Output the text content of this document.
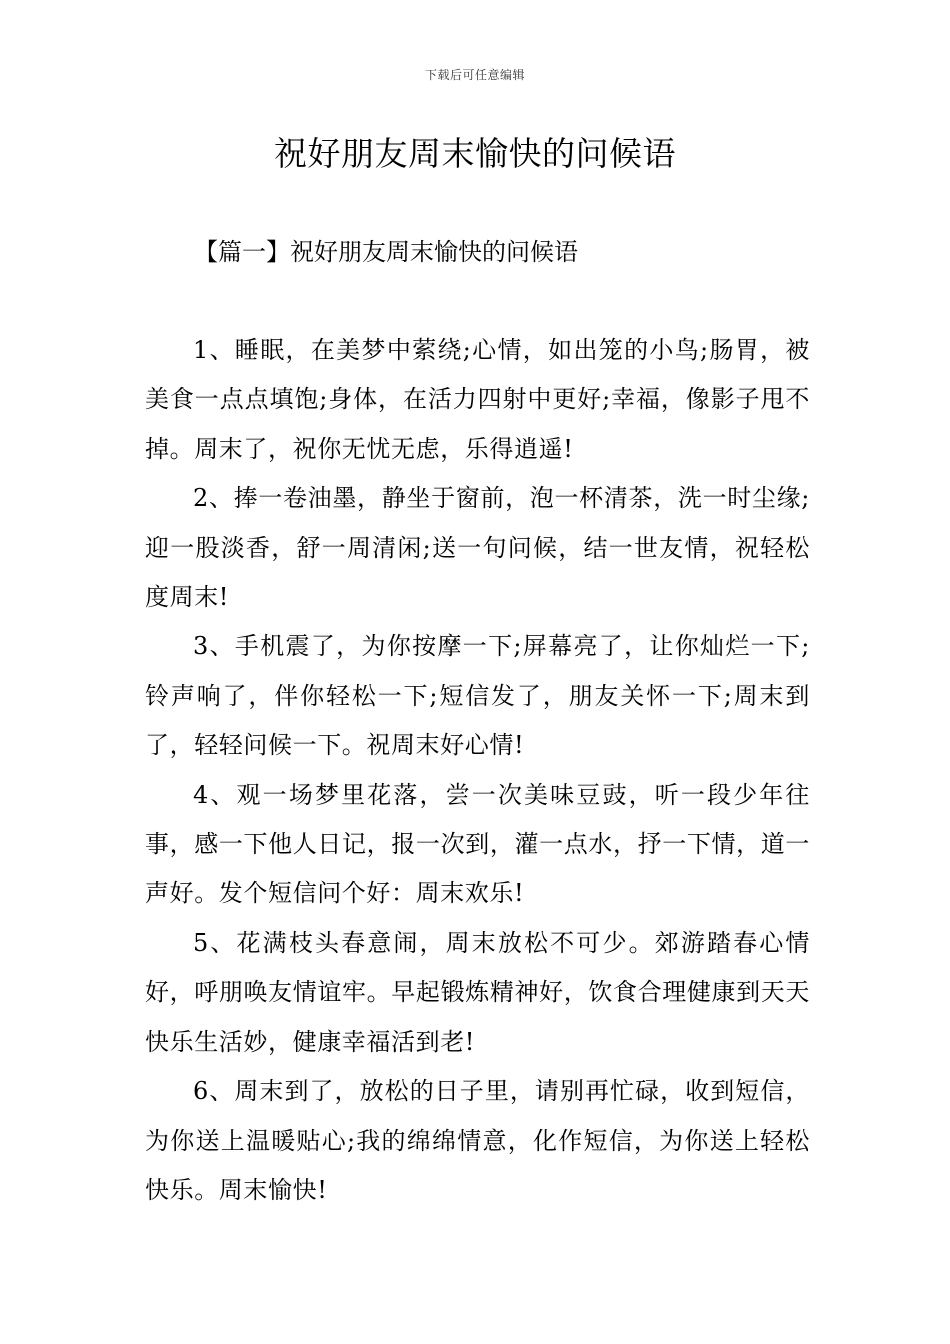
下载后可任意编辑
祝好朋友周末愉快的问候语
【篇一】祝好朋友周末愉快的问候语

1、睡眠，在美梦中萦绕;心情，如出笼的小鸟;肠胃，被美食一点点填饱;身体，在活力四射中更好;幸福，像影子甩不掉。周末了，祝你无忧无虑，乐得逍遥!

2、捧一卷油墨，静坐于窗前，泡一杯清茶，洗一时尘缘;迎一股淡香，舒一周清闲;送一句问候，结一世友情，祝轻松度周末!

3、手机震了，为你按摩一下;屏幕亮了，让你灿烂一下;铃声响了，伴你轻松一下;短信发了，朋友关怀一下;周末到了，轻轻问候一下。祝周末好心情!

4、观一场梦里花落，尝一次美味豆豉，听一段少年往事，感一下他人日记，报一次到，灌一点水，抒一下情，道一声好。发个短信问个好：周末欢乐!

5、花满枝头春意闹，周末放松不可少。郊游踏春心情好，呼朋唤友情谊牢。早起锻炼精神好，饮食合理健康到天天快乐生活妙，健康幸福活到老!

6、周末到了，放松的日子里，请别再忙碌，收到短信，为你送上温暖贴心;我的绵绵情意，化作短信，为你送上轻松快乐。周末愉快!
